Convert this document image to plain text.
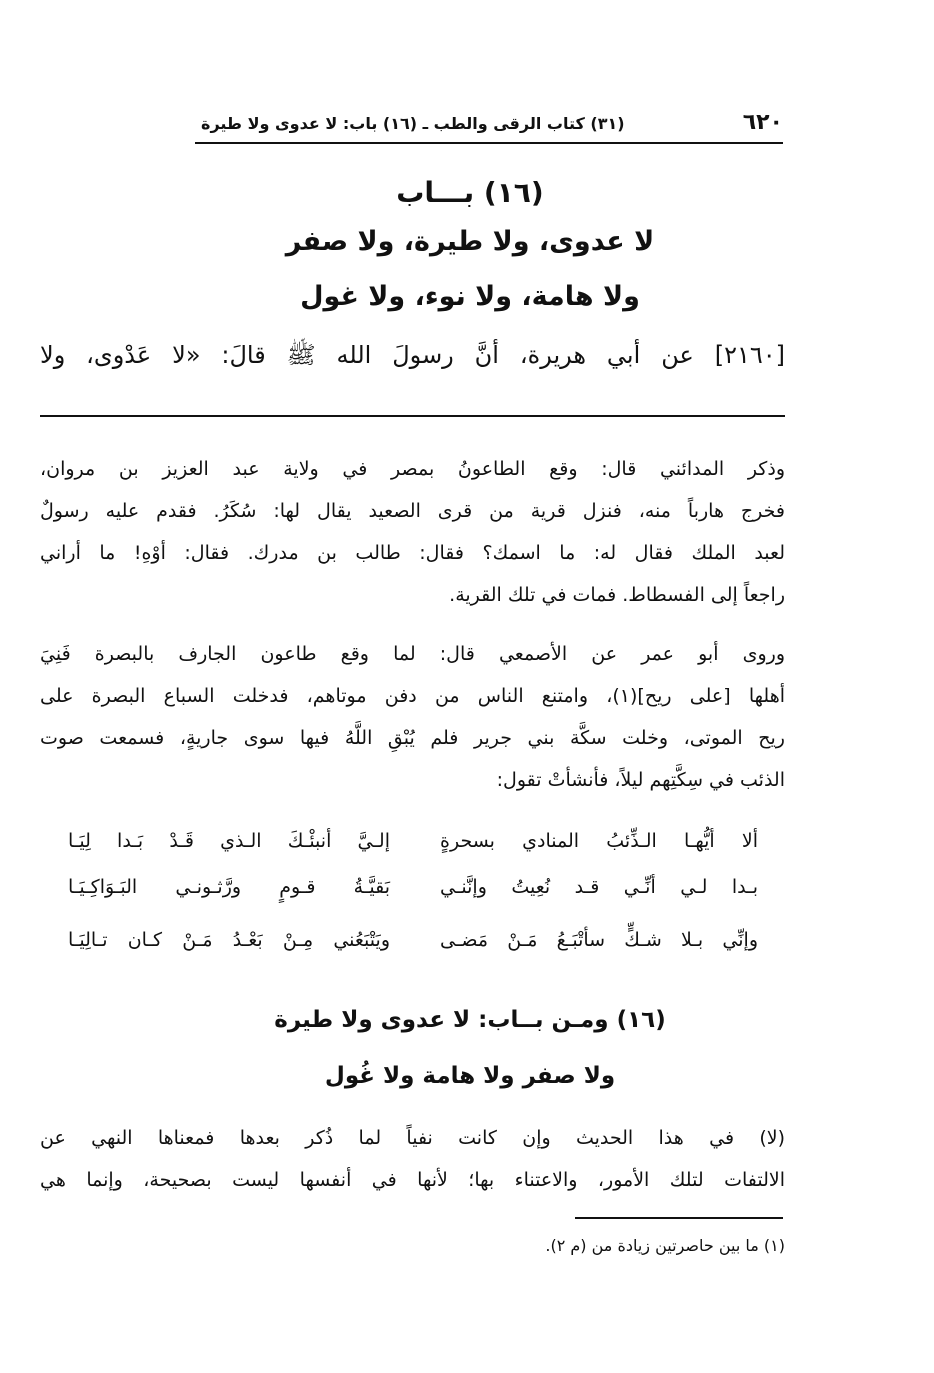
٦٢٠
(٣١) كتاب الرقى والطب ـ (١٦) باب: لا عدوى ولا طيرة
(١٦) بـــاب
لا عدوى، ولا طيرة، ولا صفر
ولا هامة، ولا نوء، ولا غول
[٢١٦٠] عن أبي هريرة، أنَّ رسولَ الله ﷺ قالَ: «لا عَدْوى، ولا
وذكر المدائني قال: وقع الطاعونُ بمصر في ولاية عبد العزيز بن مروان،
فخرج هارباً منه، فنزل قرية من قرى الصعيد يقال لها: سُكَرُ. فقدم عليه رسولٌ
لعبد الملك فقال له: ما اسمك؟ فقال: طالب بن مدرك. فقال: أوْهِ! ما أراني
راجعاً إلى الفسطاط. فمات في تلك القرية.
وروى أبو عمر عن الأصمعي قال: لما وقع طاعون الجارف بالبصرة فَنِيَ
أهلها [على ريح](١)، وامتنع الناس من دفن موتاهم، فدخلت السباع البصرة على
ريح الموتى، وخلت سكَّة بني جرير فلم يُبْقِ اللَّهُ فيها سوى جاريةٍ، فسمعت صوت
الذئب في سِكَّتِهم ليلاً، فأنشأتْ تقول:
ألا أيُّهـا الـذِّئبُ المنادي بسحرةٍ
إلـيَّ أنبئْـكَ الـذي قَـدْ بَـدا لِيَـا
بـدا لـي أنِّـي قـد نُعِيتُ وإنَّنـي
بَقيَّـةُ قـومٍ ورَّثـونـي البَـوَاكِـيَـا
وإنِّي بـلا شـكٍّ سأتْبَـعُ مَـنْ مَضـى
ويَتْبَعُني مِـنْ بَعْـدُ مَـنْ كـان تـالِيَـا
(١٦) ومـن بــاب: لا عدوى ولا طيرة
ولا صفر ولا هامة ولا غُول
(لا) في هذا الحديث وإن كانت نفياً لما ذُكر بعدها فمعناها النهي عن
الالتفات لتلك الأمور، والاعتناء بها؛ لأنها في أنفسها ليست بصحيحة، وإنما هي
(١) ما بين حاصرتين زيادة من (م ٢).
